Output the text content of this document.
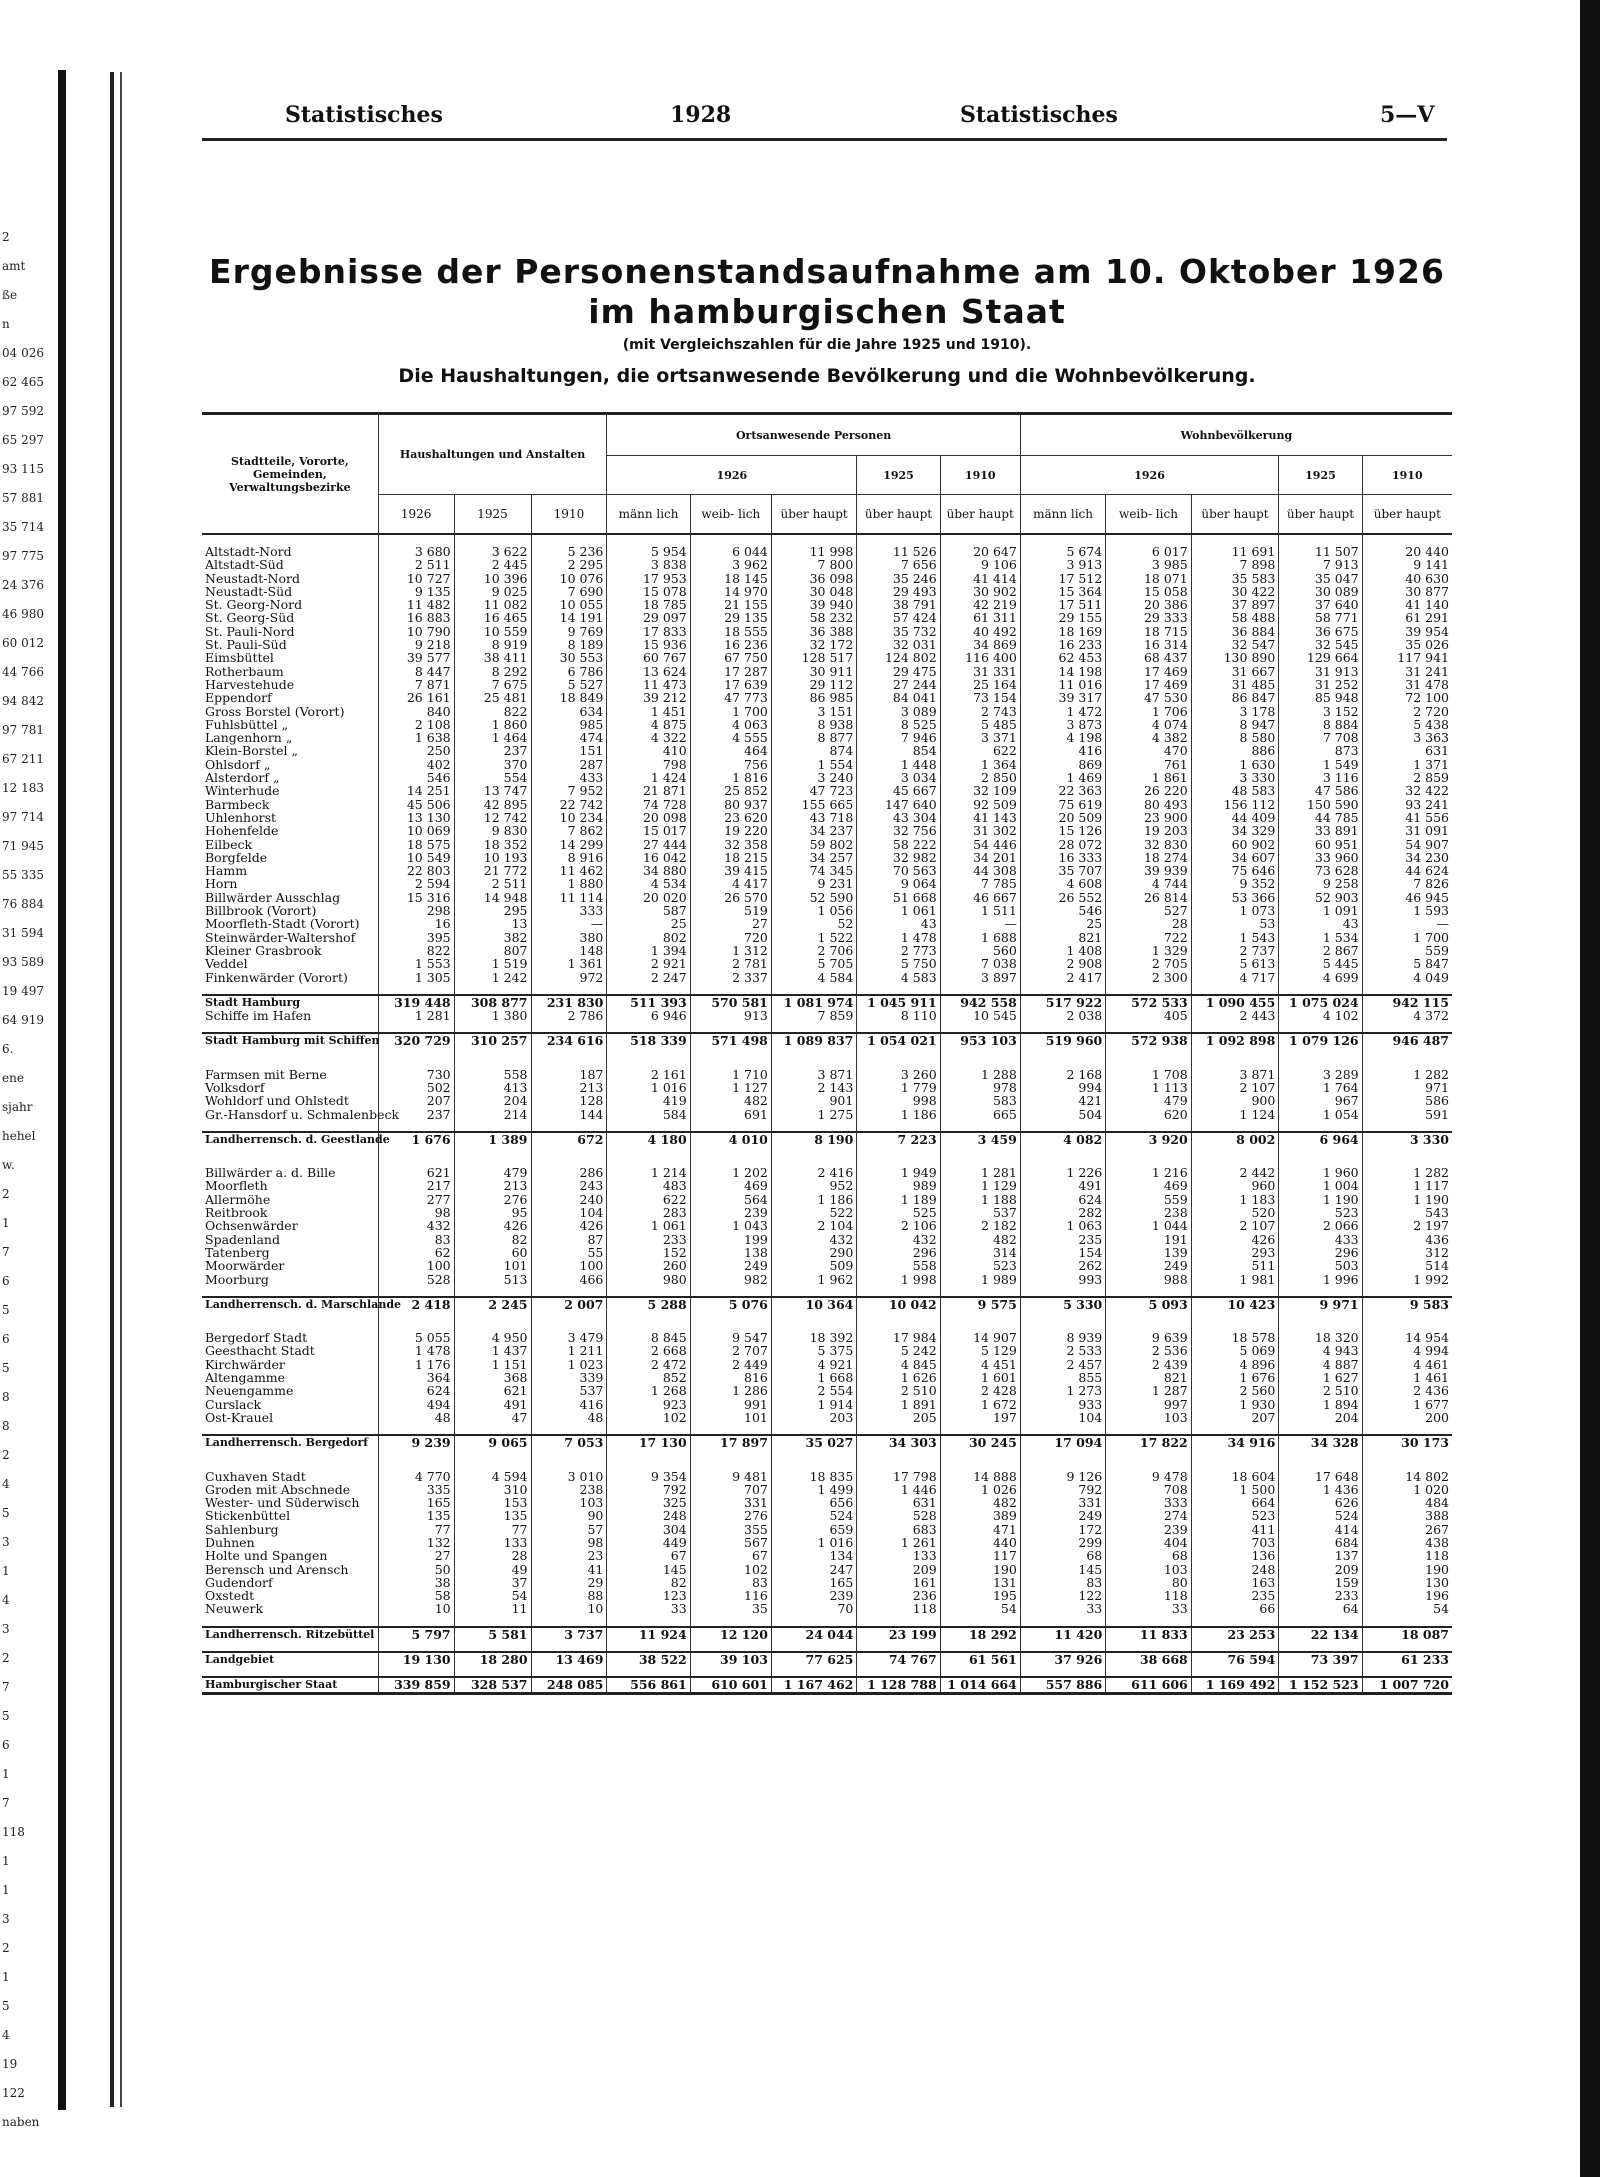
2
amt
ße
n
04 026
62 465
97 592
65 297
93 115
57 881
35 714
97 775
24 376
46 980
60 012
44 766
94 842
97 781
67 211
12 183
97 714
71 945
55 335
76 884
31 594
93 589
19 497
64 919
6.
ene
sjahr
hehel
w.
2
1
7
6
5
6
5
8
8
2
4
5
3
1
4
3
2
7
5
6
1
7
118
1
1
3
2
1
5
4
19
122
naben
Statistisches	1928	Statistisches	5—V
Ergebnisse der Personenstandsaufnahme am 10. Oktober 1926
im hamburgischen Staat
(mit Vergleichszahlen für die Jahre 1925 und 1910).
Die Haushaltungen, die ortsanwesende Bevölkerung und die Wohnbevölkerung.
Stadtteile, Vororte, Gemeinden, Verwaltungsbezirke	Haushaltungen und Anstalten			Ortsanwesende Personen					Wohnbevölkerung				
				1926			1925	1910	1926			1925	1910
	1926	1925	1910	männ lich	weib- lich	über haupt	über haupt	über haupt	männ lich	weib- lich	über haupt	über haupt	über haupt

Altstadt-Nord	3 680	3 622	5 236	5 954	6 044	11 998	11 526	20 647	5 674	6 017	11 691	11 507	20 440
Altstadt-Süd	2 511	2 445	2 295	3 838	3 962	7 800	7 656	9 106	3 913	3 985	7 898	7 913	9 141
Neustadt-Nord	10 727	10 396	10 076	17 953	18 145	36 098	35 246	41 414	17 512	18 071	35 583	35 047	40 630
Neustadt-Süd	9 135	9 025	7 690	15 078	14 970	30 048	29 493	30 902	15 364	15 058	30 422	30 089	30 877
St. Georg-Nord	11 482	11 082	10 055	18 785	21 155	39 940	38 791	42 219	17 511	20 386	37 897	37 640	41 140
St. Georg-Süd	16 883	16 465	14 191	29 097	29 135	58 232	57 424	61 311	29 155	29 333	58 488	58 771	61 291
St. Pauli-Nord	10 790	10 559	9 769	17 833	18 555	36 388	35 732	40 492	18 169	18 715	36 884	36 675	39 954
St. Pauli-Süd	9 218	8 919	8 189	15 936	16 236	32 172	32 031	34 869	16 233	16 314	32 547	32 545	35 026
Eimsbüttel	39 577	38 411	30 553	60 767	67 750	128 517	124 802	116 400	62 453	68 437	130 890	129 664	117 941
Rotherbaum	8 447	8 292	6 786	13 624	17 287	30 911	29 475	31 331	14 198	17 469	31 667	31 913	31 241
Harvestehude	7 871	7 675	5 527	11 473	17 639	29 112	27 244	25 164	11 016	17 469	31 485	31 252	31 478
Eppendorf	26 161	25 481	18 849	39 212	47 773	86 985	84 041	73 154	39 317	47 530	86 847	85 948	72 100
Gross Borstel (Vorort)	840	822	634	1 451	1 700	3 151	3 089	2 743	1 472	1 706	3 178	3 152	2 720
Fuhlsbüttel „	2 108	1 860	985	4 875	4 063	8 938	8 525	5 485	3 873	4 074	8 947	8 884	5 438
Langenhorn „	1 638	1 464	474	4 322	4 555	8 877	7 946	3 371	4 198	4 382	8 580	7 708	3 363
Klein-Borstel „	250	237	151	410	464	874	854	622	416	470	886	873	631
Ohlsdorf „	402	370	287	798	756	1 554	1 448	1 364	869	761	1 630	1 549	1 371
Alsterdorf „	546	554	433	1 424	1 816	3 240	3 034	2 850	1 469	1 861	3 330	3 116	2 859
Winterhude	14 251	13 747	7 952	21 871	25 852	47 723	45 667	32 109	22 363	26 220	48 583	47 586	32 422
Barmbeck	45 506	42 895	22 742	74 728	80 937	155 665	147 640	92 509	75 619	80 493	156 112	150 590	93 241
Uhlenhorst	13 130	12 742	10 234	20 098	23 620	43 718	43 304	41 143	20 509	23 900	44 409	44 785	41 556
Hohenfelde	10 069	9 830	7 862	15 017	19 220	34 237	32 756	31 302	15 126	19 203	34 329	33 891	31 091
Eilbeck	18 575	18 352	14 299	27 444	32 358	59 802	58 222	54 446	28 072	32 830	60 902	60 951	54 907
Borgfelde	10 549	10 193	8 916	16 042	18 215	34 257	32 982	34 201	16 333	18 274	34 607	33 960	34 230
Hamm	22 803	21 772	11 462	34 880	39 415	74 345	70 563	44 308	35 707	39 939	75 646	73 628	44 624
Horn	2 594	2 511	1 880	4 534	4 417	9 231	9 064	7 785	4 608	4 744	9 352	9 258	7 826
Billwärder Ausschlag	15 316	14 948	11 114	20 020	26 570	52 590	51 668	46 667	26 552	26 814	53 366	52 903	46 945
Billbrook (Vorort)	298	295	333	587	519	1 056	1 061	1 511	546	527	1 073	1 091	1 593
Moorfleth-Stadt (Vorort)	16	13	—	25	27	52	43	—	25	28	53	43	—
Steinwärder-Waltershof	395	382	380	802	720	1 522	1 478	1 688	821	722	1 543	1 534	1 700
Kleiner Grasbrook	822	807	148	1 394	1 312	2 706	2 773	560	1 408	1 329	2 737	2 867	559
Veddel	1 553	1 519	1 361	2 921	2 781	5 705	5 750	7 038	2 908	2 705	5 613	5 445	5 847
Finkenwärder (Vorort)	1 305	1 242	972	2 247	2 337	4 584	4 583	3 897	2 417	2 300	4 717	4 699	4 049

Stadt Hamburg	319 448	308 877	231 830	511 393	570 581	1 081 974	1 045 911	942 558	517 922	572 533	1 090 455	1 075 024	942 115
Schiffe im Hafen	1 281	1 380	2 786	6 946	913	7 859	8 110	10 545	2 038	405	2 443	4 102	4 372

Stadt Hamburg mit Schiffen	320 729	310 257	234 616	518 339	571 498	1 089 837	1 054 021	953 103	519 960	572 938	1 092 898	1 079 126	946 487

Farmsen mit Berne	730	558	187	2 161	1 710	3 871	3 260	1 288	2 168	1 708	3 871	3 289	1 282
Volksdorf	502	413	213	1 016	1 127	2 143	1 779	978	994	1 113	2 107	1 764	971
Wohldorf und Ohlstedt	207	204	128	419	482	901	998	583	421	479	900	967	586
Gr.-Hansdorf u. Schmalenbeck	237	214	144	584	691	1 275	1 186	665	504	620	1 124	1 054	591

Landherrensch. d. Geestlande	1 676	1 389	672	4 180	4 010	8 190	7 223	3 459	4 082	3 920	8 002	6 964	3 330

Billwärder a. d. Bille	621	479	286	1 214	1 202	2 416	1 949	1 281	1 226	1 216	2 442	1 960	1 282
Moorfleth	217	213	243	483	469	952	989	1 129	491	469	960	1 004	1 117
Allermöhe	277	276	240	622	564	1 186	1 189	1 188	624	559	1 183	1 190	1 190
Reitbrook	98	95	104	283	239	522	525	537	282	238	520	523	543
Ochsenwärder	432	426	426	1 061	1 043	2 104	2 106	2 182	1 063	1 044	2 107	2 066	2 197
Spadenland	83	82	87	233	199	432	432	482	235	191	426	433	436
Tatenberg	62	60	55	152	138	290	296	314	154	139	293	296	312
Moorwärder	100	101	100	260	249	509	558	523	262	249	511	503	514
Moorburg	528	513	466	980	982	1 962	1 998	1 989	993	988	1 981	1 996	1 992

Landherrensch. d. Marschlande	2 418	2 245	2 007	5 288	5 076	10 364	10 042	9 575	5 330	5 093	10 423	9 971	9 583

Bergedorf Stadt	5 055	4 950	3 479	8 845	9 547	18 392	17 984	14 907	8 939	9 639	18 578	18 320	14 954
Geesthacht Stadt	1 478	1 437	1 211	2 668	2 707	5 375	5 242	5 129	2 533	2 536	5 069	4 943	4 994
Kirchwärder	1 176	1 151	1 023	2 472	2 449	4 921	4 845	4 451	2 457	2 439	4 896	4 887	4 461
Altengamme	364	368	339	852	816	1 668	1 626	1 601	855	821	1 676	1 627	1 461
Neuengamme	624	621	537	1 268	1 286	2 554	2 510	2 428	1 273	1 287	2 560	2 510	2 436
Curslack	494	491	416	923	991	1 914	1 891	1 672	933	997	1 930	1 894	1 677
Ost-Krauel	48	47	48	102	101	203	205	197	104	103	207	204	200

Landherrensch. Bergedorf	9 239	9 065	7 053	17 130	17 897	35 027	34 303	30 245	17 094	17 822	34 916	34 328	30 173

Cuxhaven Stadt	4 770	4 594	3 010	9 354	9 481	18 835	17 798	14 888	9 126	9 478	18 604	17 648	14 802
Groden mit Abschnede	335	310	238	792	707	1 499	1 446	1 026	792	708	1 500	1 436	1 020
Wester- und Süderwisch	165	153	103	325	331	656	631	482	331	333	664	626	484
Stickenbüttel	135	135	90	248	276	524	528	389	249	274	523	524	388
Sahlenburg	77	77	57	304	355	659	683	471	172	239	411	414	267
Duhnen	132	133	98	449	567	1 016	1 261	440	299	404	703	684	438
Holte und Spangen	27	28	23	67	67	134	133	117	68	68	136	137	118
Berensch und Arensch	50	49	41	145	102	247	209	190	145	103	248	209	190
Gudendorf	38	37	29	82	83	165	161	131	83	80	163	159	130
Oxstedt	58	54	88	123	116	239	236	195	122	118	235	233	196
Neuwerk	10	11	10	33	35	70	118	54	33	33	66	64	54

Landherrensch. Ritzebüttel	5 797	5 581	3 737	11 924	12 120	24 044	23 199	18 292	11 420	11 833	23 253	22 134	18 087

Landgebiet	19 130	18 280	13 469	38 522	39 103	77 625	74 767	61 561	37 926	38 668	76 594	73 397	61 233

Hamburgischer Staat	339 859	328 537	248 085	556 861	610 601	1 167 462	1 128 788	1 014 664	557 886	611 606	1 169 492	1 152 523	1 007 720
